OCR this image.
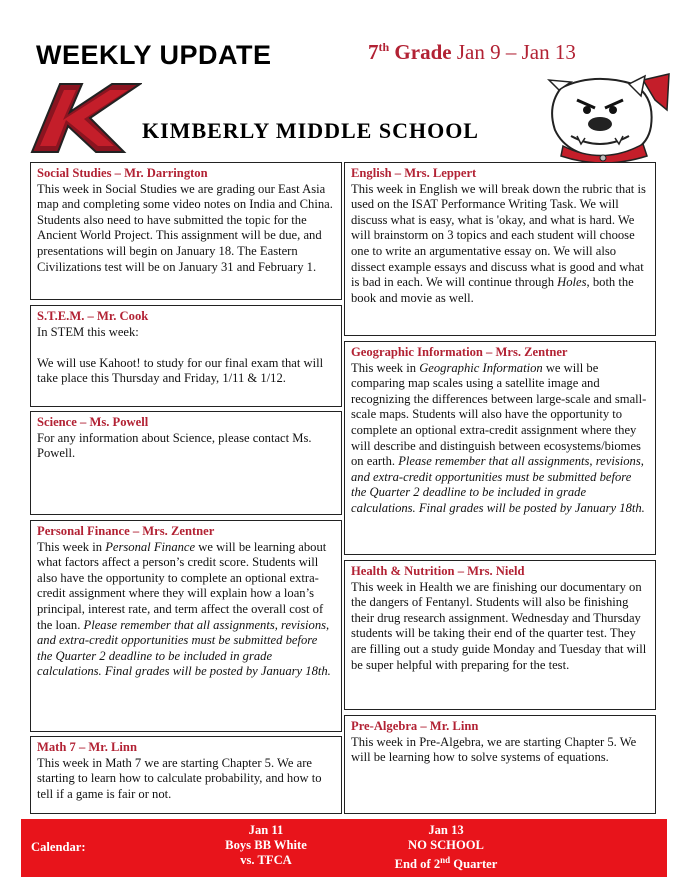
WEEKLY UPDATE	7th Grade Jan 9 – Jan 13
KIMBERLY MIDDLE SCHOOL
Social Studies – Mr. Darrington

This week in Social Studies we are grading our East Asia map and completing some video notes on India and China. Students also need to have submitted the topic for the Ancient World Project. This assignment will be due, and presentations will begin on January 18. The Eastern Civilizations test will be on January 31 and February 1.

S.T.E.M. – Mr. Cook

In STEM this week:

We will use Kahoot! to study for our final exam that will take place this Thursday and Friday, 1/11 & 1/12.

Science – Ms. Powell

For any information about Science, please contact Ms. Powell.

Personal Finance – Mrs. Zentner

This week in Personal Finance we will be learning about what factors affect a person’s credit score. Students will also have the opportunity to complete an optional extra-credit assignment where they will explain how a loan’s principal, interest rate, and term affect the overall cost of the loan. Please remember that all assignments, revisions, and extra-credit opportunities must be submitted before the Quarter 2 deadline to be included in grade calculations. Final grades will be posted by January 18th.

Math 7 – Mr. Linn

This week in Math 7 we are starting Chapter 5. We are starting to learn how to calculate probability, and how to tell if a game is fair or not.

English – Mrs. Leppert

This week in English we will break down the rubric that is used on the ISAT Performance Writing Task. We will discuss what is easy, what is 'okay, and what is hard. We will brainstorm on 3 topics and each student will choose one to write an argumentative essay on. We will also dissect example essays and discuss what is good and what is bad in each. We will continue through Holes, both the book and movie as well.

Geographic Information – Mrs. Zentner

This week in Geographic Information we will be comparing map scales using a satellite image and recognizing the differences between large-scale and small-scale maps. Students will also have the opportunity to complete an optional extra-credit assignment where they will describe and distinguish between ecosystems/biomes on earth. Please remember that all assignments, revisions, and extra-credit opportunities must be submitted before the Quarter 2 deadline to be included in grade calculations. Final grades will be posted by January 18th.

Health & Nutrition – Mrs. Nield

This week in Health we are finishing our documentary on the dangers of Fentanyl. Students will also be finishing their drug research assignment. Wednesday and Thursday students will be taking their end of the quarter test. They are filling out a study guide Monday and Tuesday that will be super helpful with preparing for the test.

Pre-Algebra – Mr. Linn

This week in Pre-Algebra, we are starting Chapter 5. We will be learning how to solve systems of equations.

Calendar:
Jan 11
Boys BB White
vs. TFCA
Jan 13
NO SCHOOL
End of 2nd Quarter
